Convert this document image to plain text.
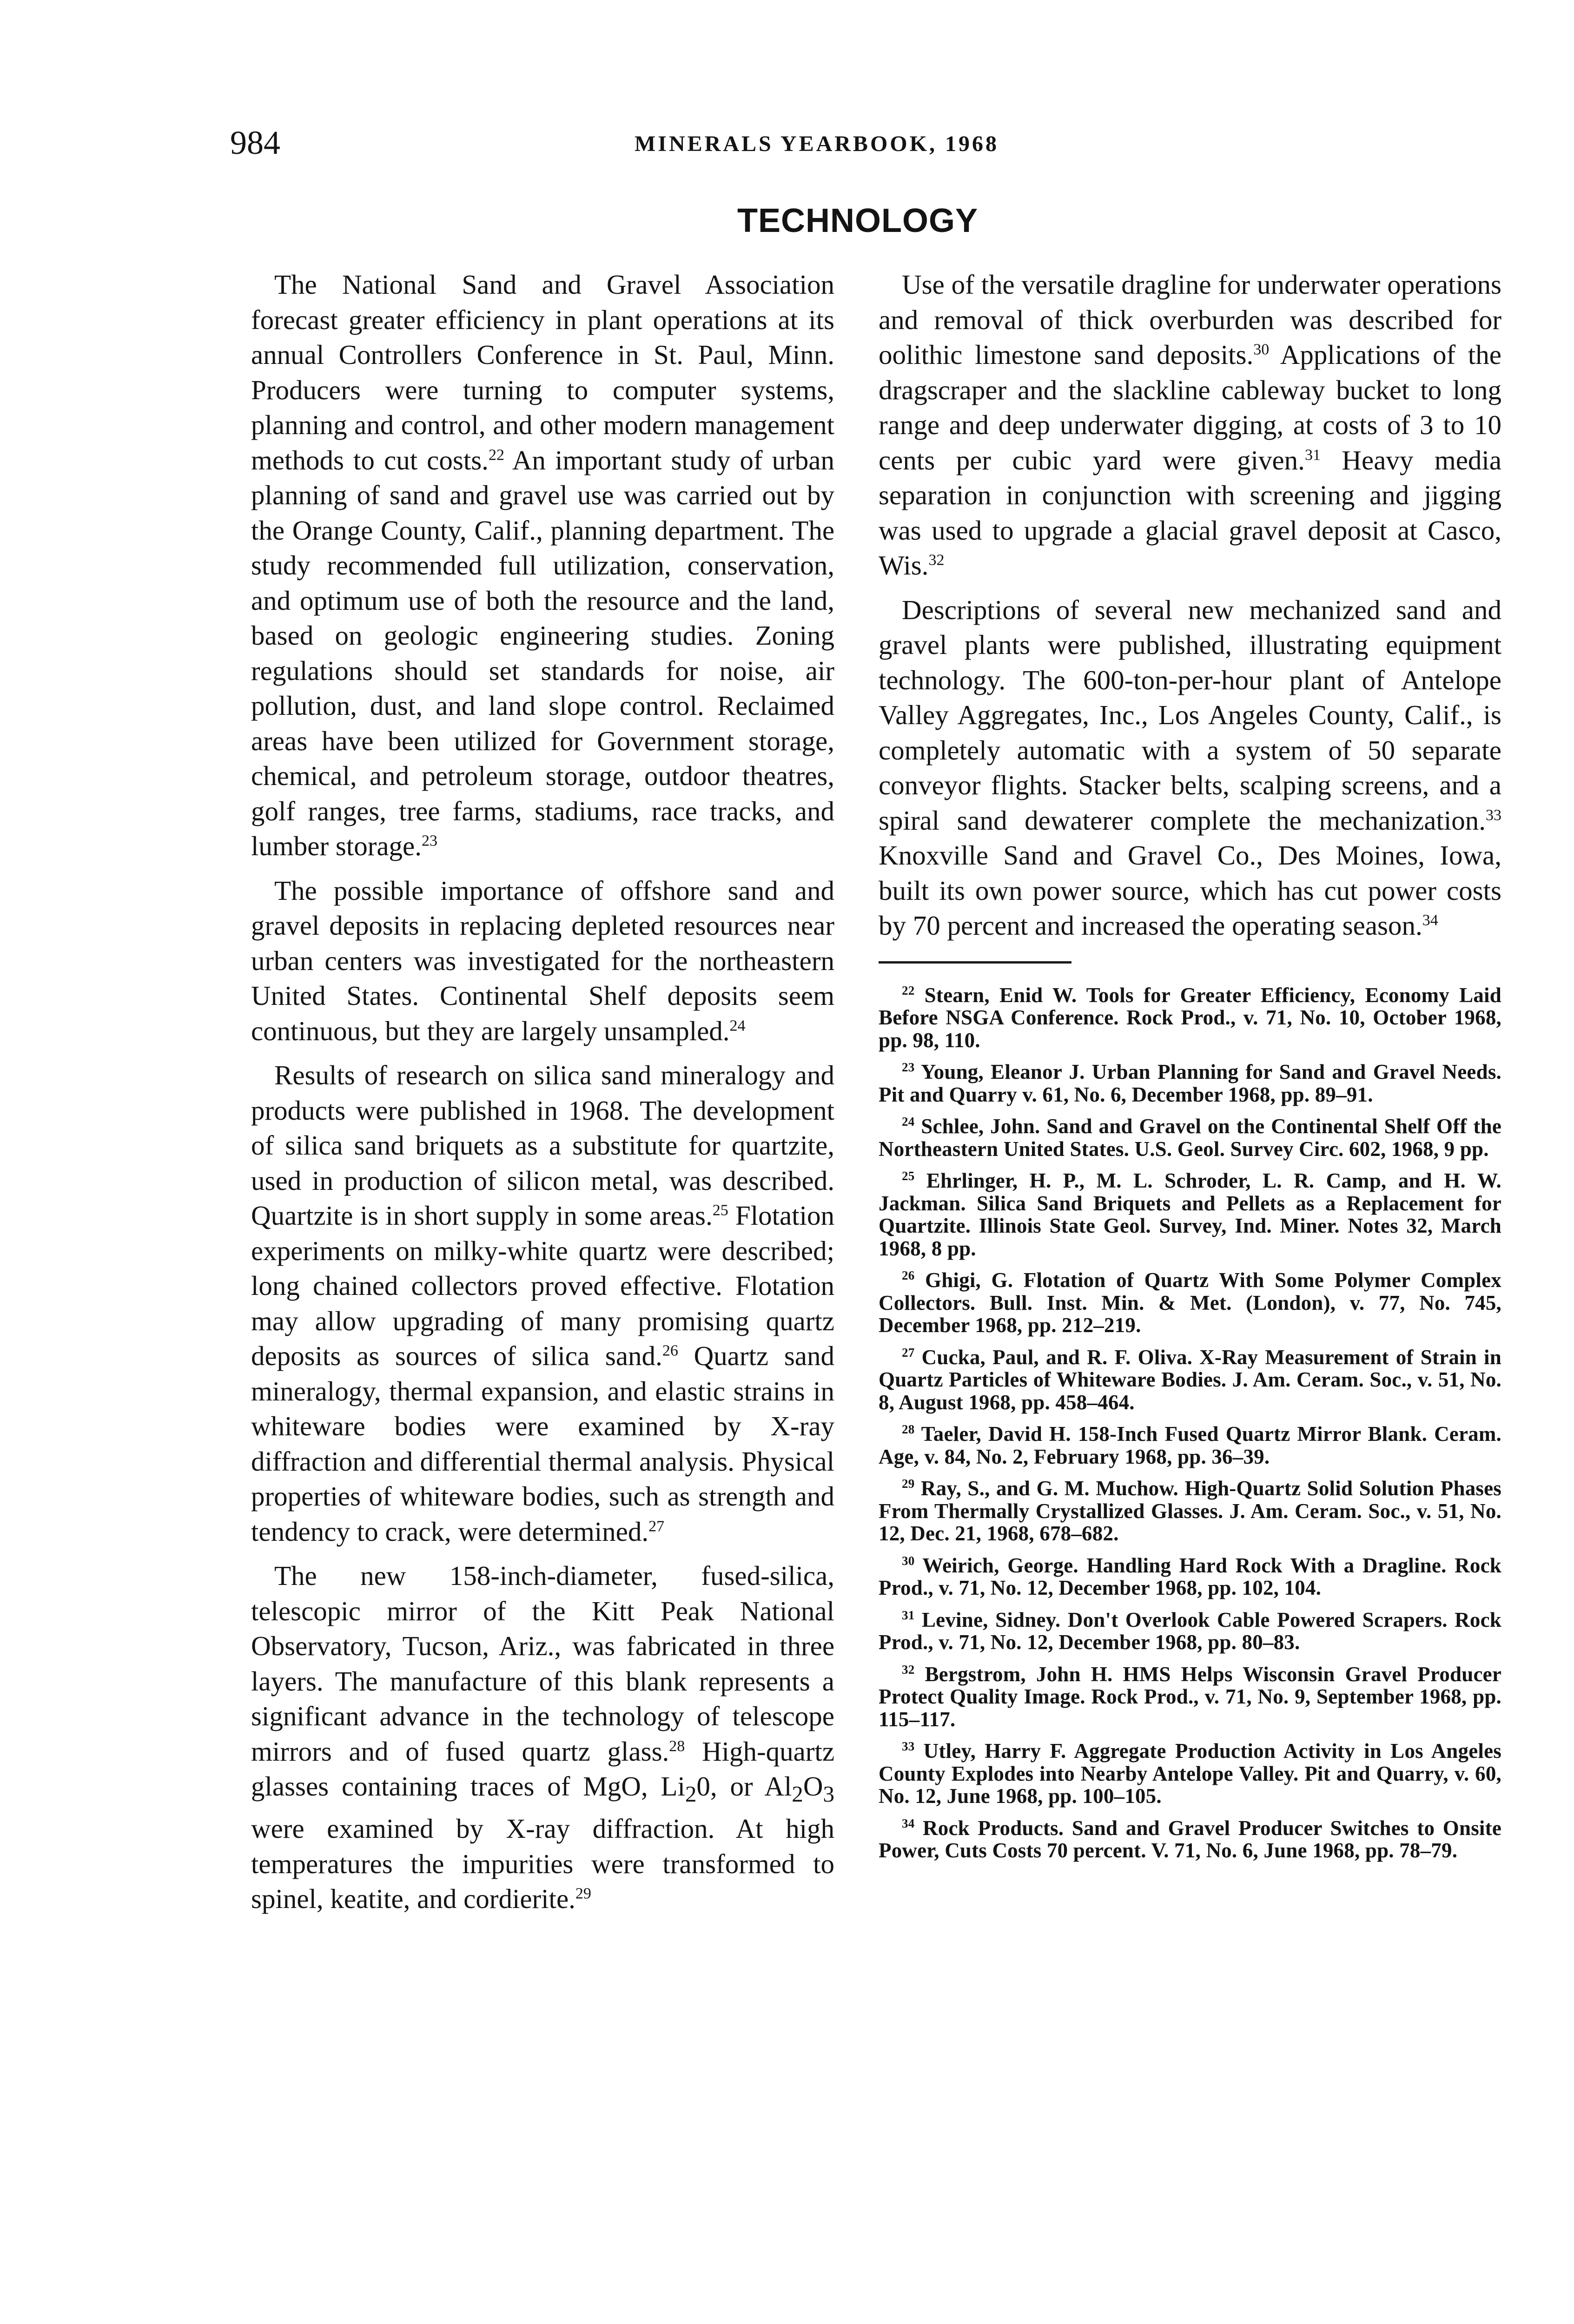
984	MINERALS YEARBOOK, 1968
TECHNOLOGY

The National Sand and Gravel Association forecast greater efficiency in plant operations at its annual Controllers Conference in St. Paul, Minn. Producers were turning to computer systems, planning and control, and other modern management methods to cut costs.$^{22}$ An important study of urban planning of sand and gravel use was carried out by the Orange County, Calif., planning department. The study recommended full utilization, conservation, and optimum use of both the resource and the land, based on geologic engineering studies. Zoning regulations should set standards for noise, air pollution, dust, and land slope control. Reclaimed areas have been utilized for Government storage, chemical, and petroleum storage, outdoor theatres, golf ranges, tree farms, stadiums, race tracks, and lumber storage.$^{23}$

The possible importance of offshore sand and gravel deposits in replacing depleted resources near urban centers was investigated for the northeastern United States. Continental Shelf deposits seem continuous, but they are largely unsampled.$^{24}$

Results of research on silica sand mineralogy and products were published in 1968. The development of silica sand briquets as a substitute for quartzite, used in production of silicon metal, was described. Quartzite is in short supply in some areas.$^{25}$ Flotation experiments on milky-white quartz were described; long chained collectors proved effective. Flotation may allow upgrading of many promising quartz deposits as sources of silica sand.$^{26}$ Quartz sand mineralogy, thermal expansion, and elastic strains in whiteware bodies were examined by X-ray diffraction and differential thermal analysis. Physical properties of whiteware bodies, such as strength and tendency to crack, were determined.$^{27}$

The new 158-inch-diameter, fused-silica, telescopic mirror of the Kitt Peak National Observatory, Tucson, Ariz., was fabricated in three layers. The manufacture of this blank represents a significant advance in the technology of telescope mirrors and of fused quartz glass.$^{28}$ High-quartz glasses containing traces of MgO, $Li_20$, or $Al_2O_3$ were examined by X-ray diffraction. At high temperatures the impurities were transformed to spinel, keatite, and cordierite.$^{29}$

Use of the versatile dragline for underwater operations and removal of thick overburden was described for oolithic limestone sand deposits.$^{30}$ Applications of the dragscraper and the slackline cableway bucket to long range and deep underwater digging, at costs of 3 to 10 cents per cubic yard were given.$^{31}$ Heavy media separation in conjunction with screening and jigging was used to upgrade a glacial gravel deposit at Casco, Wis.$^{32}$

Descriptions of several new mechanized sand and gravel plants were published, illustrating equipment technology. The 600-ton-per-hour plant of Antelope Valley Aggregates, Inc., Los Angeles County, Calif., is completely automatic with a system of 50 separate conveyor flights. Stacker belts, scalping screens, and a spiral sand dewaterer complete the mechanization.$^{33}$ Knoxville Sand and Gravel Co., Des Moines, Iowa, built its own power source, which has cut power costs by 70 percent and increased the operating season.$^{34}$

$^{22}$ Stearn, Enid W. Tools for Greater Efficiency, Economy Laid Before NSGA Conference. Rock Prod., v. 71, No. 10, October 1968, pp. 98, 110.

$^{23}$ Young, Eleanor J. Urban Planning for Sand and Gravel Needs. Pit and Quarry v. 61, No. 6, December 1968, pp. 89–91.

$^{24}$ Schlee, John. Sand and Gravel on the Continental Shelf Off the Northeastern United States. U.S. Geol. Survey Circ. 602, 1968, 9 pp.

$^{25}$ Ehrlinger, H. P., M. L. Schroder, L. R. Camp, and H. W. Jackman. Silica Sand Briquets and Pellets as a Replacement for Quartzite. Illinois State Geol. Survey, Ind. Miner. Notes 32, March 1968, 8 pp.

$^{26}$ Ghigi, G. Flotation of Quartz With Some Polymer Complex Collectors. Bull. Inst. Min. & Met. (London), v. 77, No. 745, December 1968, pp. 212–219.

$^{27}$ Cucka, Paul, and R. F. Oliva. X-Ray Measurement of Strain in Quartz Particles of Whiteware Bodies. J. Am. Ceram. Soc., v. 51, No. 8, August 1968, pp. 458–464.

$^{28}$ Taeler, David H. 158-Inch Fused Quartz Mirror Blank. Ceram. Age, v. 84, No. 2, February 1968, pp. 36–39.

$^{29}$ Ray, S., and G. M. Muchow. High-Quartz Solid Solution Phases From Thermally Crystallized Glasses. J. Am. Ceram. Soc., v. 51, No. 12, Dec. 21, 1968, 678–682.

$^{30}$ Weirich, George. Handling Hard Rock With a Dragline. Rock Prod., v. 71, No. 12, December 1968, pp. 102, 104.

$^{31}$ Levine, Sidney. Don't Overlook Cable Powered Scrapers. Rock Prod., v. 71, No. 12, December 1968, pp. 80–83.

$^{32}$ Bergstrom, John H. HMS Helps Wisconsin Gravel Producer Protect Quality Image. Rock Prod., v. 71, No. 9, September 1968, pp. 115–117.

$^{33}$ Utley, Harry F. Aggregate Production Activity in Los Angeles County Explodes into Nearby Antelope Valley. Pit and Quarry, v. 60, No. 12, June 1968, pp. 100–105.

$^{34}$ Rock Products. Sand and Gravel Producer Switches to Onsite Power, Cuts Costs 70 percent. V. 71, No. 6, June 1968, pp. 78–79.
